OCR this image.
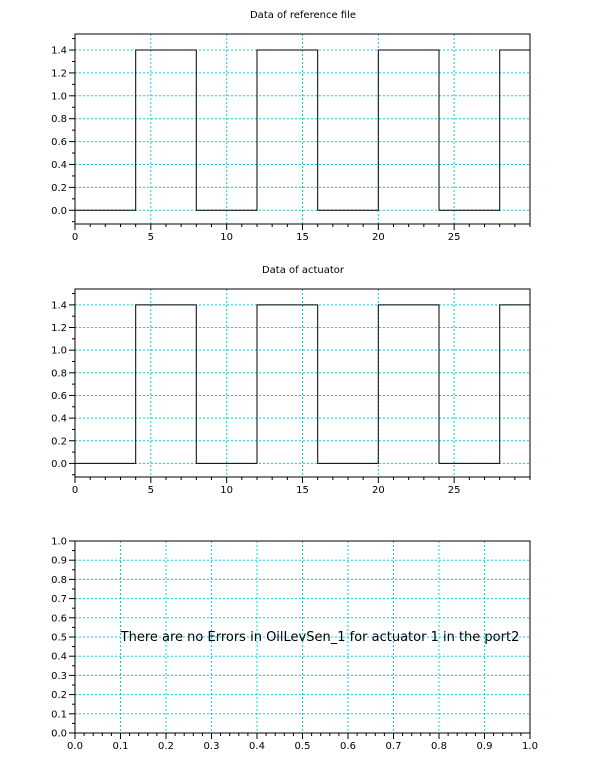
Data of reference file
0	5	10	15	20	25
0.0
0.2
0.4
0.6
0.8
1.0
1.2
1.4
Data of actuator
0	5	10	15	20	25
0.0
0.2
0.4
0.6
0.8
1.0
1.2
1.4
0.0	0.1	0.2	0.3	0.4	0.5	0.6	0.7	0.8	0.9	1.0
0.0
0.1
0.2
0.3
0.4
0.5
0.6
0.7
0.8
0.9
1.0
There are no Errors in OilLevSen_1 for actuator 1 in the port2
